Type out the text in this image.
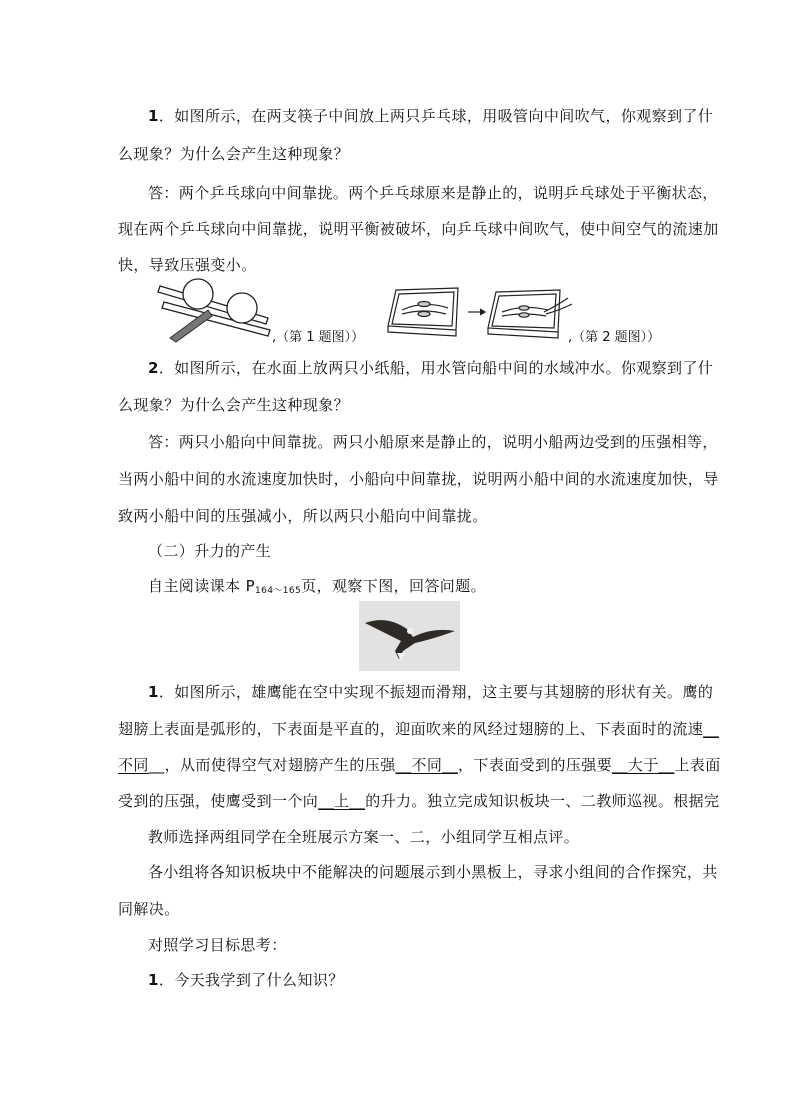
1．如图所示，在两支筷子中间放上两只乒乓球，用吸管向中间吹气，你观察到了什
么现象？为什么会产生这种现象？
答：两个乒乓球向中间靠拢。两个乒乓球原来是静止的，说明乒乓球处于平衡状态，
现在两个乒乓球向中间靠拢，说明平衡被破坏，向乒乓球中间吹气，使中间空气的流速加
快，导致压强变小。
,（第 1 题图））	,（第 2 题图））
2．如图所示，在水面上放两只小纸船，用水管向船中间的水域冲水。你观察到了什
么现象？为什么会产生这种现象？
答：两只小船向中间靠拢。两只小船原来是静止的，说明小船两边受到的压强相等，
当两小船中间的水流速度加快时，小船向中间靠拢，说明两小船中间的水流速度加快，导
致两小船中间的压强减小，所以两只小船向中间靠拢。
（二）升力的产生
自主阅读课本 $P_{164\sim 165}$页，观察下图，回答问题。
1．如图所示，雄鹰能在空中实现不振翅而滑翔，这主要与其翅膀的形状有关。鹰的
翅膀上表面是弧形的，下表面是平直的，迎面吹来的风经过翅膀的上、下表面时的流速__
不同__，从而使得空气对翅膀产生的压强__不同__，下表面受到的压强要__大于__上表面
受到的压强，使鹰受到一个向__上__的升力。独立完成知识板块一、二教师巡视。根据完
教师选择两组同学在全班展示方案一、二，小组同学互相点评。
各小组将各知识板块中不能解决的问题展示到小黑板上，寻求小组间的合作探究，共
同解决。
对照学习目标思考：
1．今天我学到了什么知识？
